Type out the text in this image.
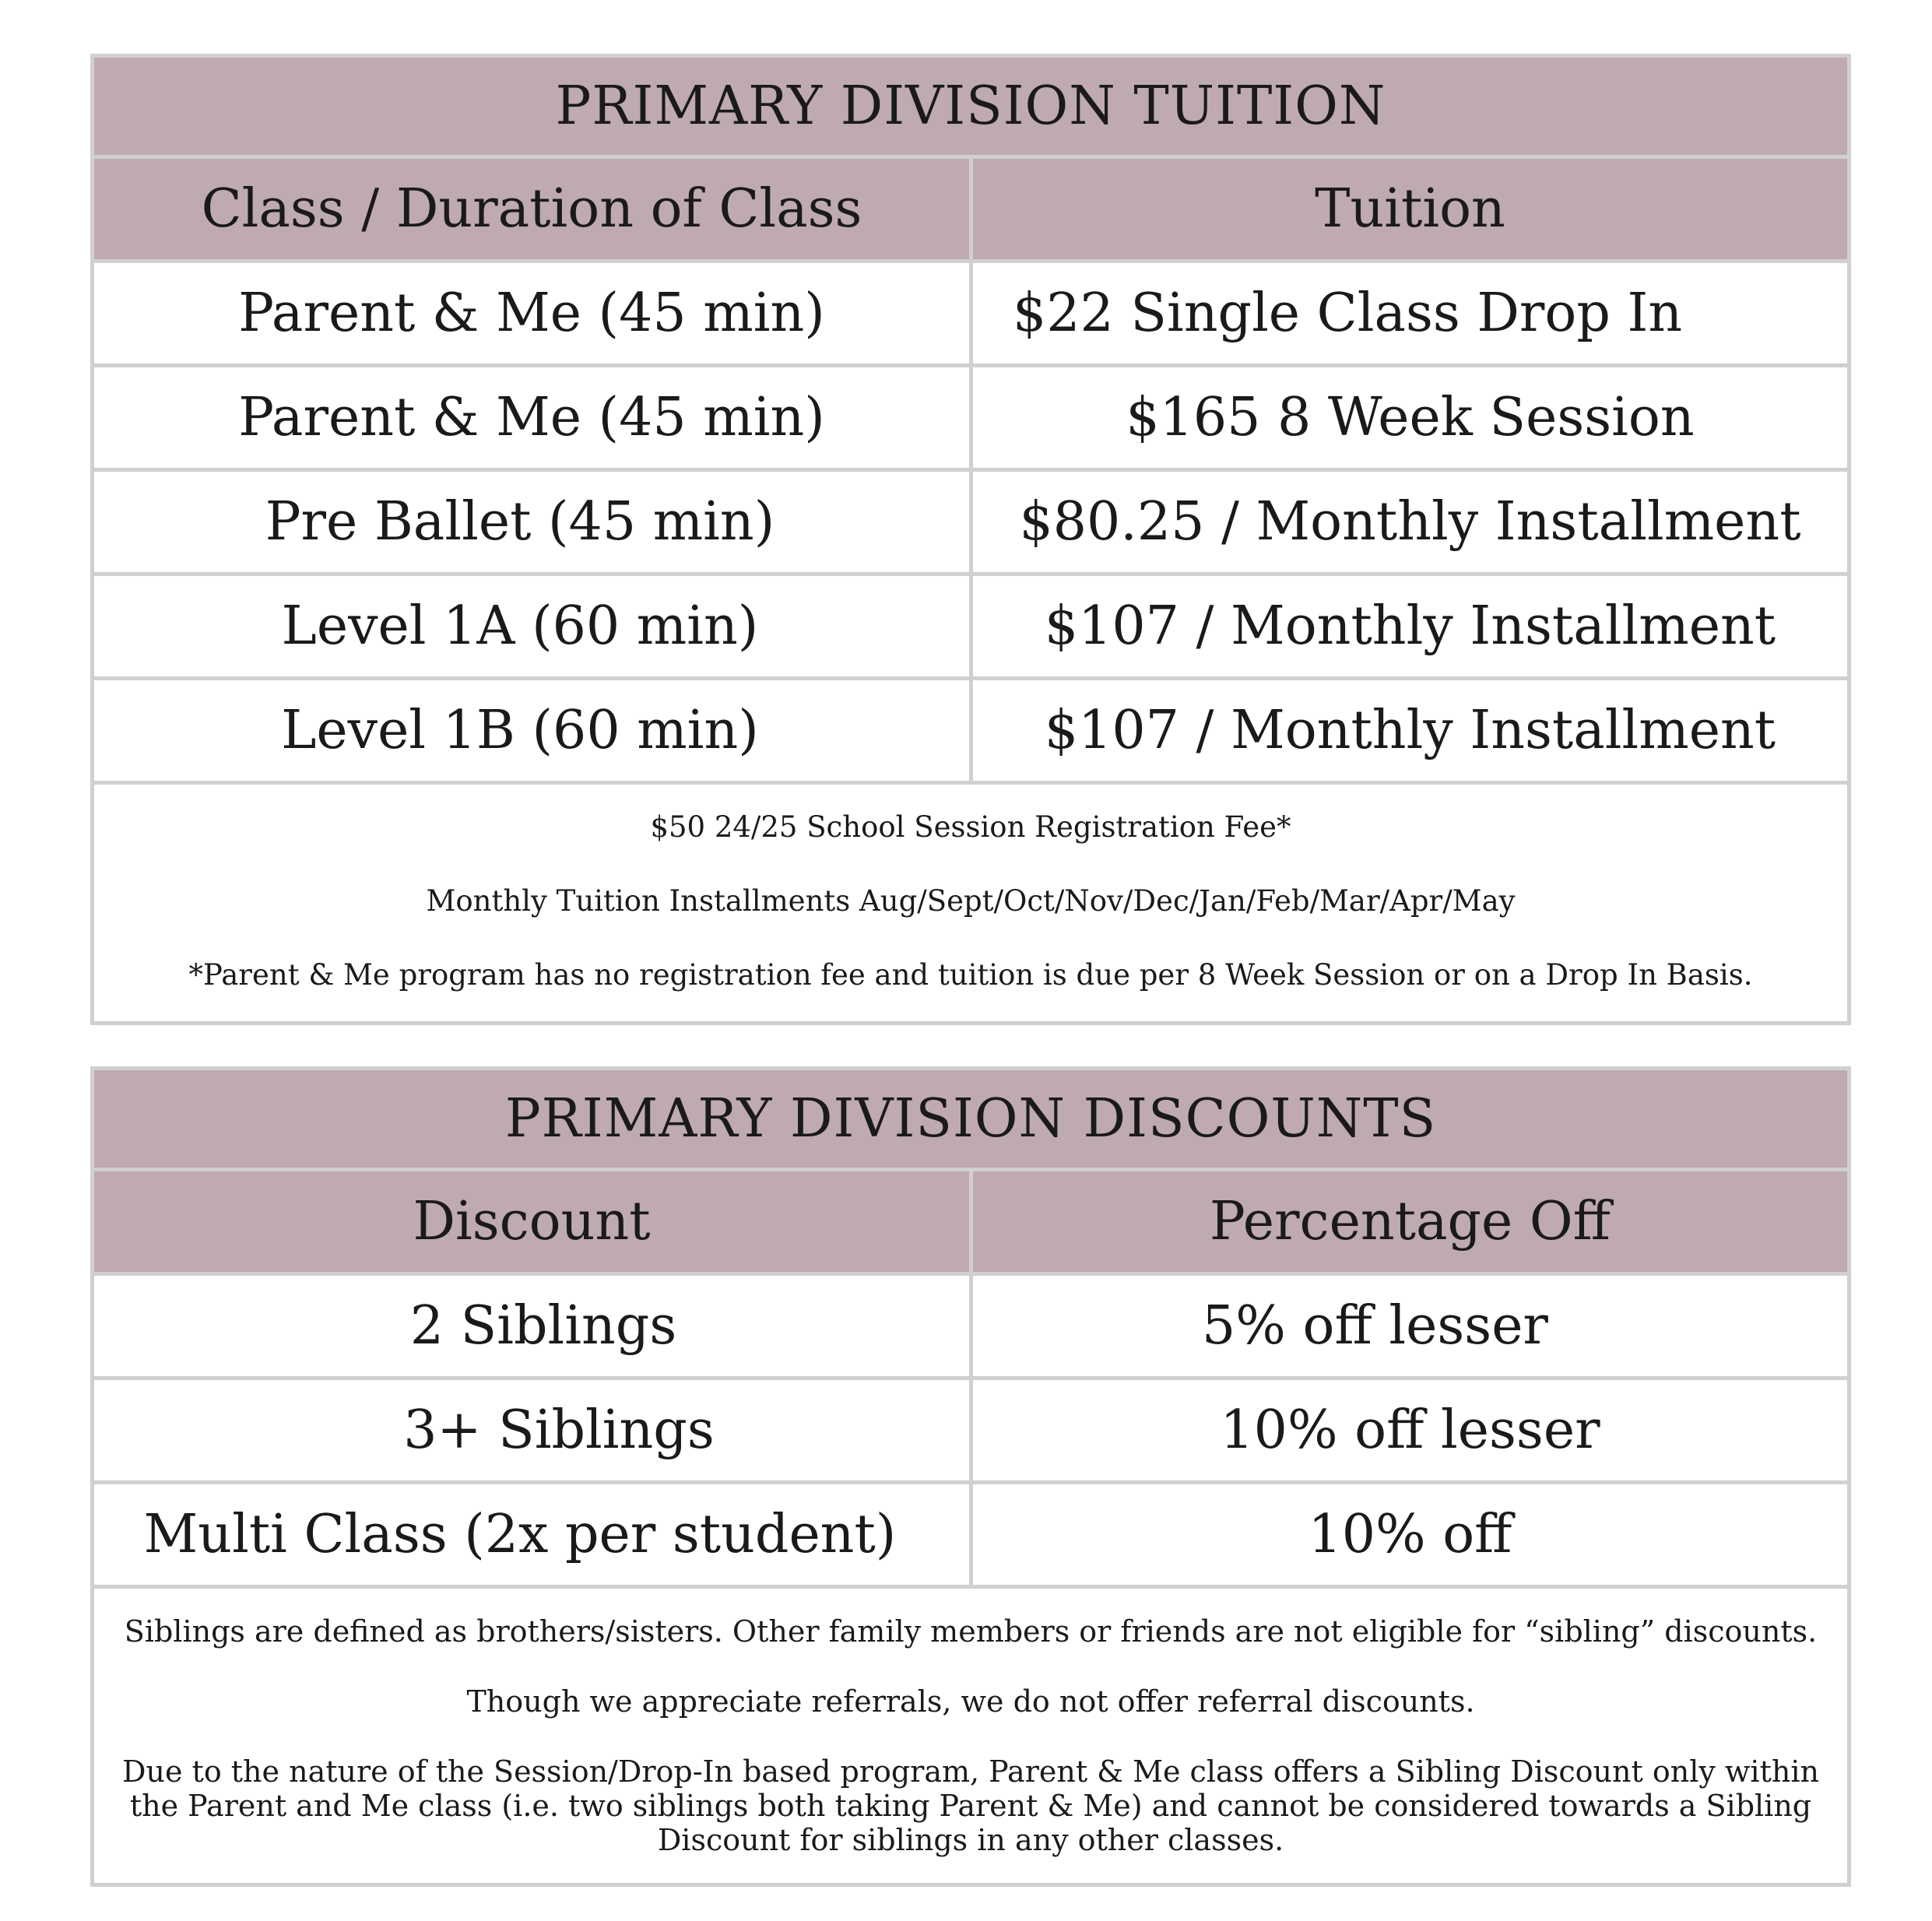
PRIMARY DIVISION TUITION
Class / Duration of Class	Tuition
Parent & Me (45 min)	$22 Single Class Drop In
Parent & Me (45 min)	$165 8 Week Session
Pre Ballet (45 min)	$80.25 / Monthly Installment
Level 1A (60 min)	$107 / Monthly Installment
Level 1B (60 min)	$107 / Monthly Installment

$50 24/25 School Session Registration Fee*

Monthly Tuition Installments Aug/Sept/Oct/Nov/Dec/Jan/Feb/Mar/Apr/May

*Parent & Me program has no registration fee and tuition is due per 8 Week Session or on a Drop In Basis.

PRIMARY DIVISION DISCOUNTS
Discount	Percentage Off
2 Siblings	5% off lesser
3+ Siblings	10% off lesser
Multi Class (2x per student)	10% off

Siblings are defined as brothers/sisters. Other family members or friends are not eligible for “sibling” discounts.

Though we appreciate referrals, we do not offer referral discounts.

Due to the nature of the Session/Drop-In based program, Parent & Me class offers a Sibling Discount only within the Parent and Me class (i.e. two siblings both taking Parent & Me) and cannot be considered towards a Sibling Discount for siblings in any other classes.
